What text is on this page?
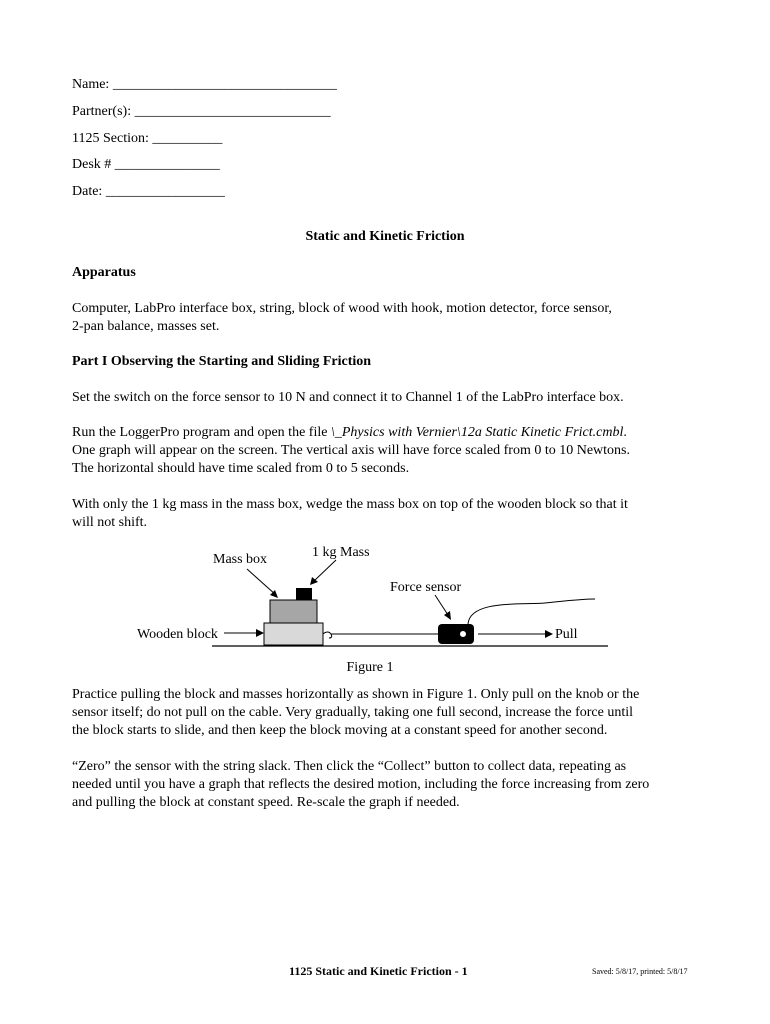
Name: ________________________________
Partner(s): ____________________________
1125 Section: __________
Desk # _______________
Date: _________________
Static and Kinetic Friction
Apparatus
Computer, LabPro interface box, string, block of wood with hook, motion detector, force sensor,
2-pan balance, masses set.
Part I Observing the Starting and Sliding Friction
Set the switch on the force sensor to 10 N and connect it to Channel 1 of the LabPro interface box.
Run the LoggerPro program and open the file \_Physics with Vernier\12a Static Kinetic Frict.cmbl.
One graph will appear on the screen. The vertical axis will have force scaled from 0 to 10 Newtons.
The horizontal should have time scaled from 0 to 5 seconds.
With only the 1 kg mass in the mass box, wedge the mass box on top of the wooden block so that it
will not shift.
Mass box	1 kg Mass
Force sensor
Wooden block	Pull
Figure 1
Practice pulling the block and masses horizontally as shown in Figure 1. Only pull on the knob or the
sensor itself; do not pull on the cable. Very gradually, taking one full second, increase the force until
the block starts to slide, and then keep the block moving at a constant speed for another second.
“Zero” the sensor with the string slack. Then click the “Collect” button to collect data, repeating as
needed until you have a graph that reflects the desired motion, including the force increasing from zero
and pulling the block at constant speed. Re-scale the graph if needed.
1125 Static and Kinetic Friction - 1	Saved: 5/8/17, printed: 5/8/17
